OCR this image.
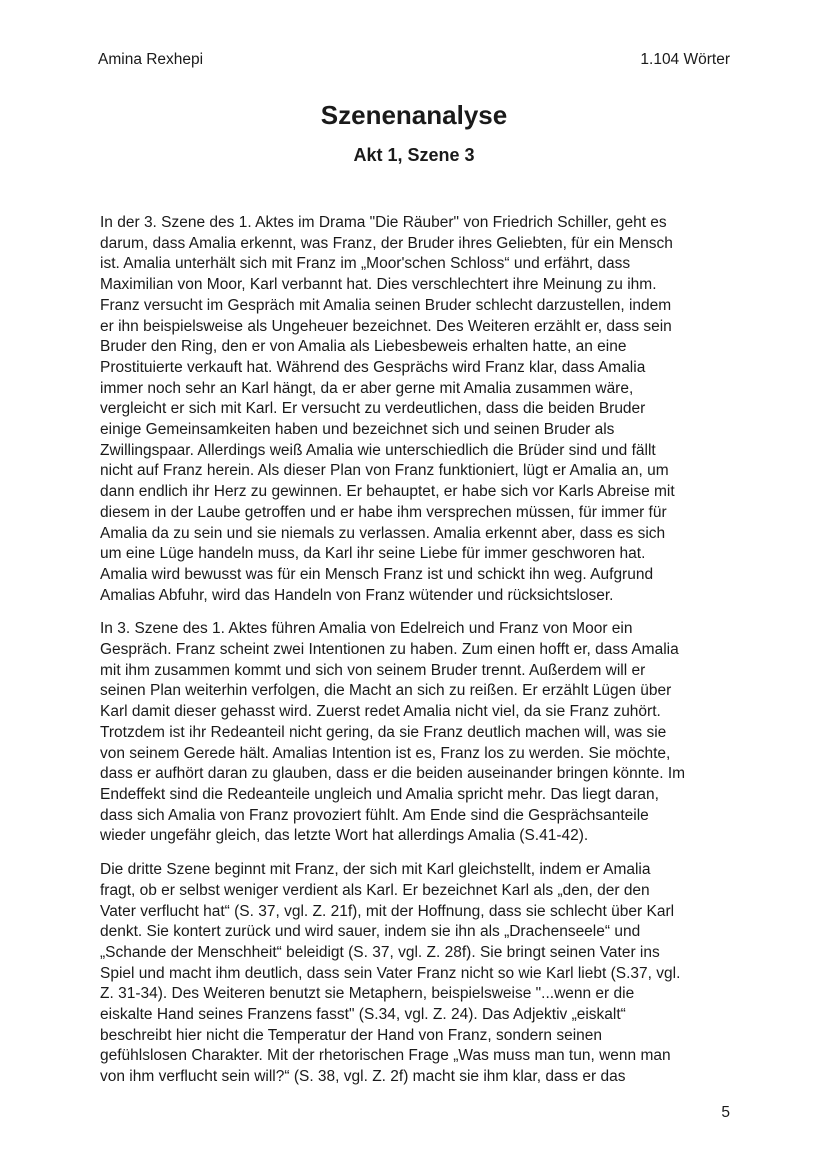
Amina Rexhepi	1.104 Wörter
Szenenanalyse
Akt 1, Szene 3
In der 3. Szene des 1. Aktes im Drama "Die Räuber" von Friedrich Schiller, geht es
darum, dass Amalia erkennt, was Franz, der Bruder ihres Geliebten, für ein Mensch
ist. Amalia unterhält sich mit Franz im „Moor'schen Schloss“ und erfährt, dass
Maximilian von Moor, Karl verbannt hat. Dies verschlechtert ihre Meinung zu ihm.
Franz versucht im Gespräch mit Amalia seinen Bruder schlecht darzustellen, indem
er ihn beispielsweise als Ungeheuer bezeichnet. Des Weiteren erzählt er, dass sein
Bruder den Ring, den er von Amalia als Liebesbeweis erhalten hatte, an eine
Prostituierte verkauft hat. Während des Gesprächs wird Franz klar, dass Amalia
immer noch sehr an Karl hängt, da er aber gerne mit Amalia zusammen wäre,
vergleicht er sich mit Karl. Er versucht zu verdeutlichen, dass die beiden Bruder
einige Gemeinsamkeiten haben und bezeichnet sich und seinen Bruder als
Zwillingspaar. Allerdings weiß Amalia wie unterschiedlich die Brüder sind und fällt
nicht auf Franz herein. Als dieser Plan von Franz funktioniert, lügt er Amalia an, um
dann endlich ihr Herz zu gewinnen. Er behauptet, er habe sich vor Karls Abreise mit
diesem in der Laube getroffen und er habe ihm versprechen müssen, für immer für
Amalia da zu sein und sie niemals zu verlassen. Amalia erkennt aber, dass es sich
um eine Lüge handeln muss, da Karl ihr seine Liebe für immer geschworen hat.
Amalia wird bewusst was für ein Mensch Franz ist und schickt ihn weg. Aufgrund
Amalias Abfuhr, wird das Handeln von Franz wütender und rücksichtsloser.
In 3. Szene des 1. Aktes führen Amalia von Edelreich und Franz von Moor ein
Gespräch. Franz scheint zwei Intentionen zu haben. Zum einen hofft er, dass Amalia
mit ihm zusammen kommt und sich von seinem Bruder trennt. Außerdem will er
seinen Plan weiterhin verfolgen, die Macht an sich zu reißen. Er erzählt Lügen über
Karl damit dieser gehasst wird. Zuerst redet Amalia nicht viel, da sie Franz zuhört.
Trotzdem ist ihr Redeanteil nicht gering, da sie Franz deutlich machen will, was sie
von seinem Gerede hält. Amalias Intention ist es, Franz los zu werden. Sie möchte,
dass er aufhört daran zu glauben, dass er die beiden auseinander bringen könnte. Im
Endeffekt sind die Redeanteile ungleich und Amalia spricht mehr. Das liegt daran,
dass sich Amalia von Franz provoziert fühlt. Am Ende sind die Gesprächsanteile
wieder ungefähr gleich, das letzte Wort hat allerdings Amalia (S.41-42).
Die dritte Szene beginnt mit Franz, der sich mit Karl gleichstellt, indem er Amalia
fragt, ob er selbst weniger verdient als Karl. Er bezeichnet Karl als „den, der den
Vater verflucht hat“ (S. 37, vgl. Z. 21f), mit der Hoffnung, dass sie schlecht über Karl
denkt. Sie kontert zurück und wird sauer, indem sie ihn als „Drachenseele“ und
„Schande der Menschheit“ beleidigt (S. 37, vgl. Z. 28f). Sie bringt seinen Vater ins
Spiel und macht ihm deutlich, dass sein Vater Franz nicht so wie Karl liebt (S.37, vgl.
Z. 31-34). Des Weiteren benutzt sie Metaphern, beispielsweise "...wenn er die
eiskalte Hand seines Franzens fasst" (S.34, vgl. Z. 24). Das Adjektiv „eiskalt“
beschreibt hier nicht die Temperatur der Hand von Franz, sondern seinen
gefühlslosen Charakter. Mit der rhetorischen Frage „Was muss man tun, wenn man
von ihm verflucht sein will?“ (S. 38, vgl. Z. 2f) macht sie ihm klar, dass er das
5
